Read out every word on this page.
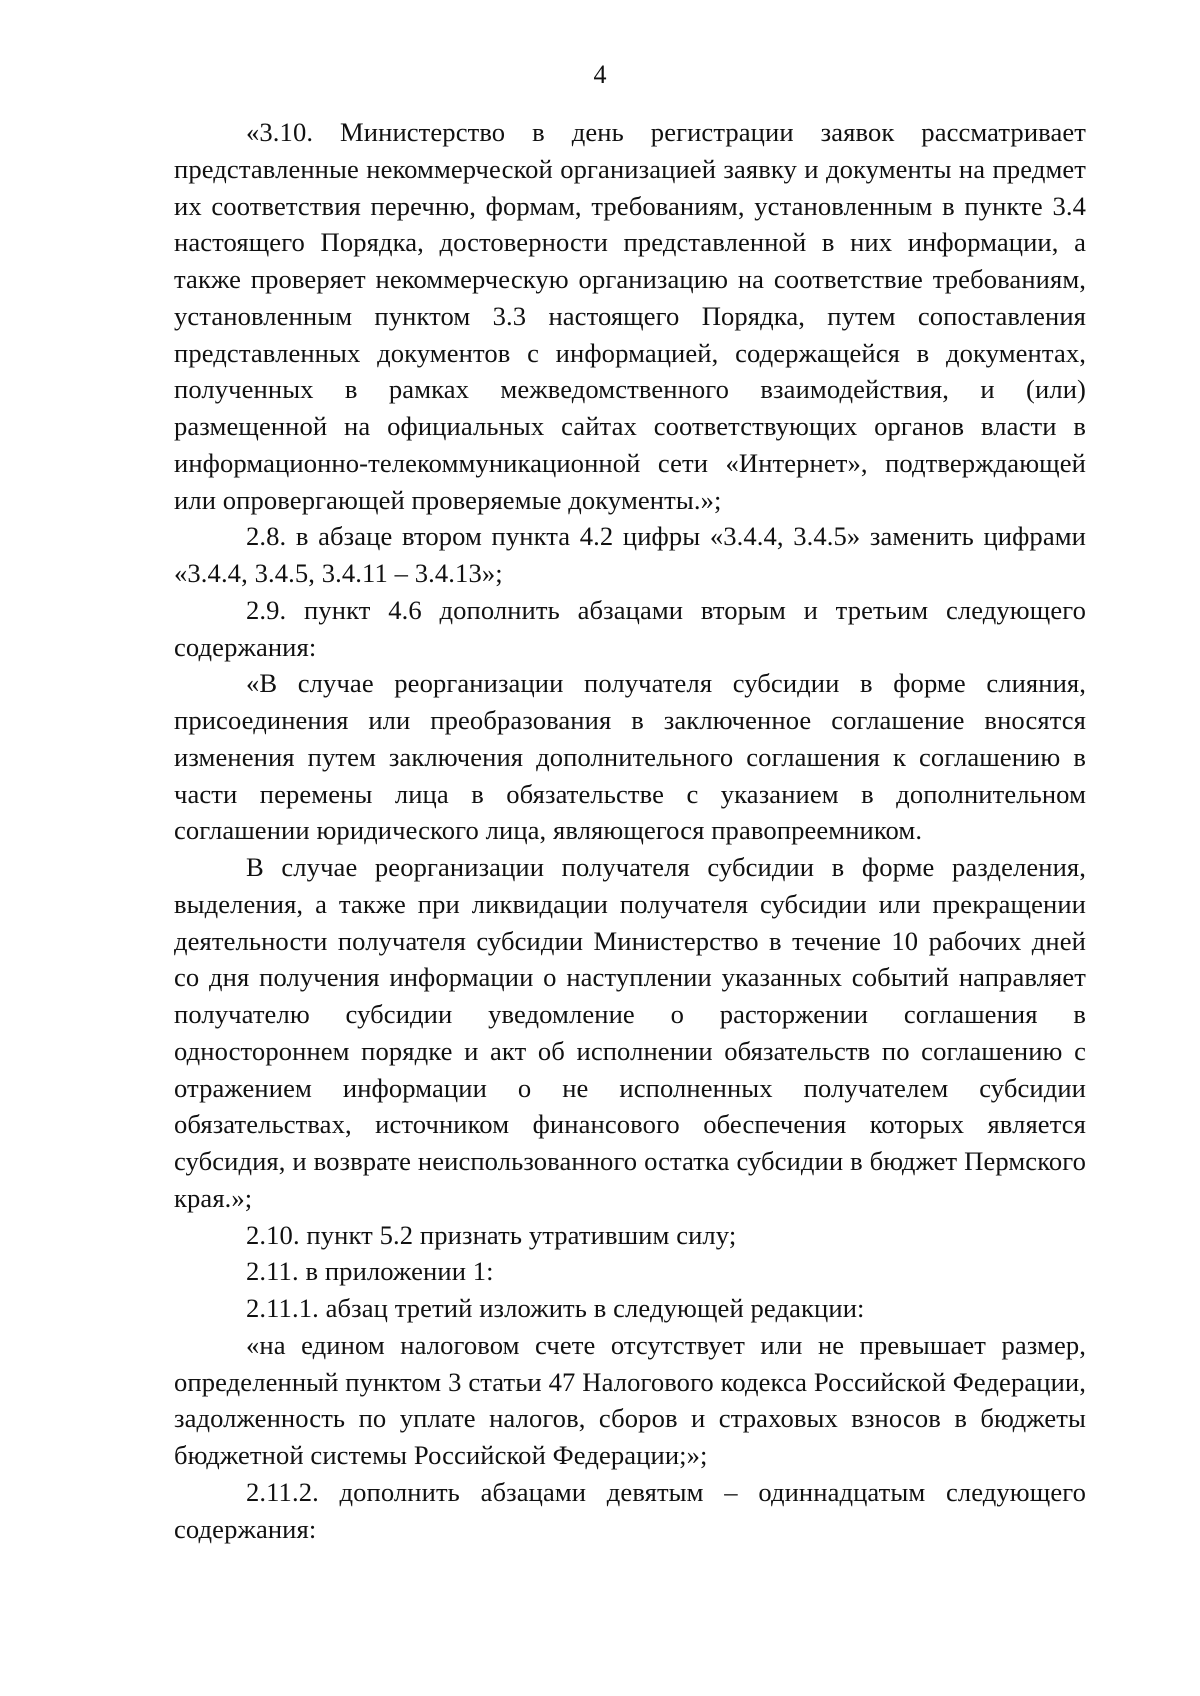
4

«3.10. Министерство в день регистрации заявок рассматривает представленные некоммерческой организацией заявку и документы на предмет их соответствия перечню, формам, требованиям, установленным в пункте 3.4 настоящего Порядка, достоверности представленной в них информации, а также проверяет некоммерческую организацию на соответствие требованиям, установленным пунктом 3.3 настоящего Порядка, путем сопоставления представленных документов с информацией, содержащейся в документах, полученных в рамках межведомственного взаимодействия, и (или) размещенной на официальных сайтах соответствующих органов власти в информационно-телекоммуникационной сети «Интернет», подтверждающей или опровергающей проверяемые документы.»;

2.8. в абзаце втором пункта 4.2 цифры «3.4.4, 3.4.5» заменить цифрами «3.4.4, 3.4.5, 3.4.11 – 3.4.13»;

2.9. пункт 4.6 дополнить абзацами вторым и третьим следующего содержания:

«В случае реорганизации получателя субсидии в форме слияния, присоединения или преобразования в заключенное соглашение вносятся изменения путем заключения дополнительного соглашения к соглашению в части перемены лица в обязательстве с указанием в дополнительном соглашении юридического лица, являющегося правопреемником.

В случае реорганизации получателя субсидии в форме разделения, выделения, а также при ликвидации получателя субсидии или прекращении деятельности получателя субсидии Министерство в течение 10 рабочих дней со дня получения информации о наступлении указанных событий направляет получателю субсидии уведомление о расторжении соглашения в одностороннем порядке и акт об исполнении обязательств по соглашению с отражением информации о не исполненных получателем субсидии обязательствах, источником финансового обеспечения которых является субсидия, и возврате неиспользованного остатка субсидии в бюджет Пермского края.»;

2.10. пункт 5.2 признать утратившим силу;

2.11. в приложении 1:

2.11.1. абзац третий изложить в следующей редакции:

«на едином налоговом счете отсутствует или не превышает размер, определенный пунктом 3 статьи 47 Налогового кодекса Российской Федерации, задолженность по уплате налогов, сборов и страховых взносов в бюджеты бюджетной системы Российской Федерации;»;

2.11.2. дополнить абзацами девятым – одиннадцатым следующего содержания:
